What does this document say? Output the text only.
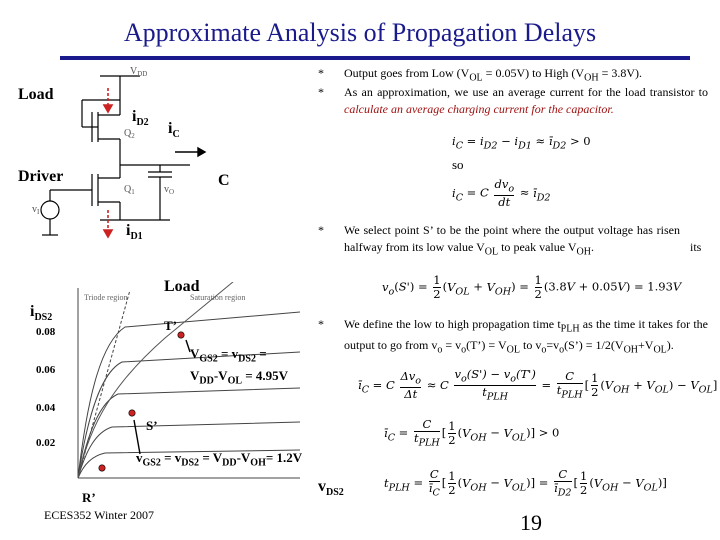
Approximate Analysis of Propagation Delays
Load
Driver
$V_{DD}$
$Q_2$
$Q_1$	$v_O$
$v_I$
$i_{D2}$ $i_C$
C
$i_{D1}$
Load
$i_{DS2}$
0.08
0.06
0.04
0.02
Triode region	Saturation region
T’
S’
R’
$V_{GS2} = v_{DS2}$ =
$V_{DD}-V_{OL} = 4.95V$
$v_{GS2} = v_{DS2} = V_{DD}-V_{OH}= 1.2V$
$v_{DS2}$
ECES352 Winter 2007	19
*
*
Output goes from Low $(V_{OL} = 0.05V)$ to High $(V_{OH} = 3.8V)$.
As an approximation, we use an average current for the load transistor to calculate an average charging current for the capacitor.
$i_C = i_{D2} - i_{D1}$ ≈ $ī_{D2} > 0$
so
$i_C = C \frac{dv_o}{dt}$ ≈ $ī_{D2}$
* We select point S’ to be the point where the output voltage has risen halfway from its low value $V_{OL}$ to peak value $V_{OH}$.	its
$v_o(S') = \frac{1}{2} (V_{OL} + V_{OH}) = \frac{1}{2} (3.8V + 0.05V) = 1.93V$
* We define the low to high propagation time $t_{PLH}$ as the time it takes for the output to go from $v_o$ = $v_o(T’) = V_{OL}$ to $v_o=v_o(S’) = 1/2(V_{OH}+V_{OL})$.
$ī_C = C \frac{\Delta v_o}{\Delta t} \approx C \frac{v_o(S') - v_o(T')}{t_{PLH}} = \frac{C}{t_{PLH}}$ [ $\frac{1}{2} (V_{OH} + V_{OL}) - V_{OL}$]
$ī_C = \frac{C}{t_{PLH}}$ [ $\frac{1}{2} (V_{OH} - V_{OL})] > 0$
$t_{PLH} = \frac{C}{ī_C}$ [ $\frac{1}{2} (V_{OH} - V_{OL})] = \frac{C}{ī_{D2}}$ [ $\frac{1}{2} (V_{OH} - V_{OL})$]
